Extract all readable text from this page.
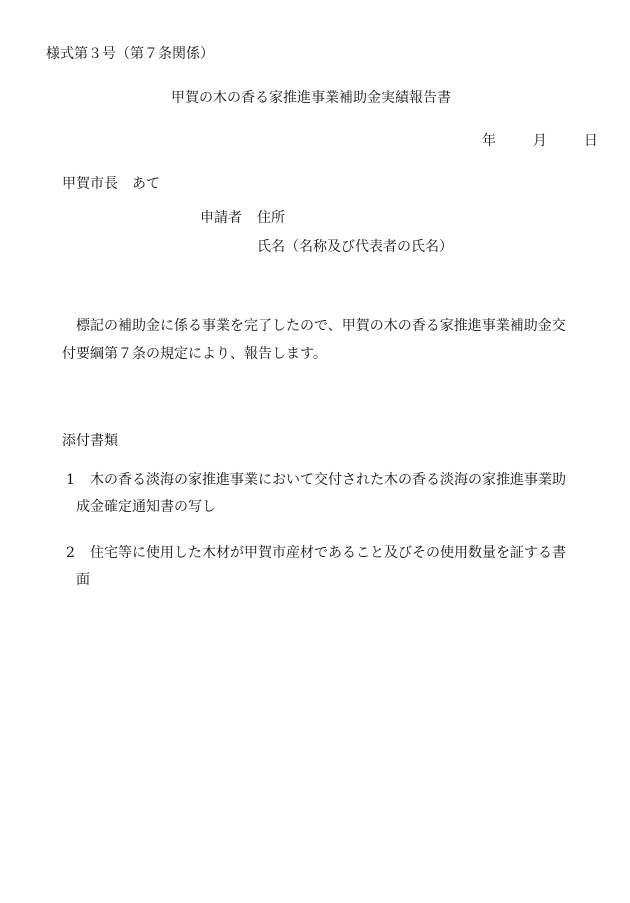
様式第３号（第７条関係）
甲賀の木の香る家推進事業補助金実績報告書
年	月	日
甲賀市長　あて
申請者 住所
氏名（名称及び代表者の氏名）
標記の補助金に係る事業を完了したので、甲賀の木の香る家推進事業補助金交
付要綱第７条の規定により、報告します。
添付書類
1 木の香る淡海の家推進事業において交付された木の香る淡海の家推進事業助
成金確定通知書の写し
2 住宅等に使用した木材が甲賀市産材であること及びその使用数量を証する書
面
